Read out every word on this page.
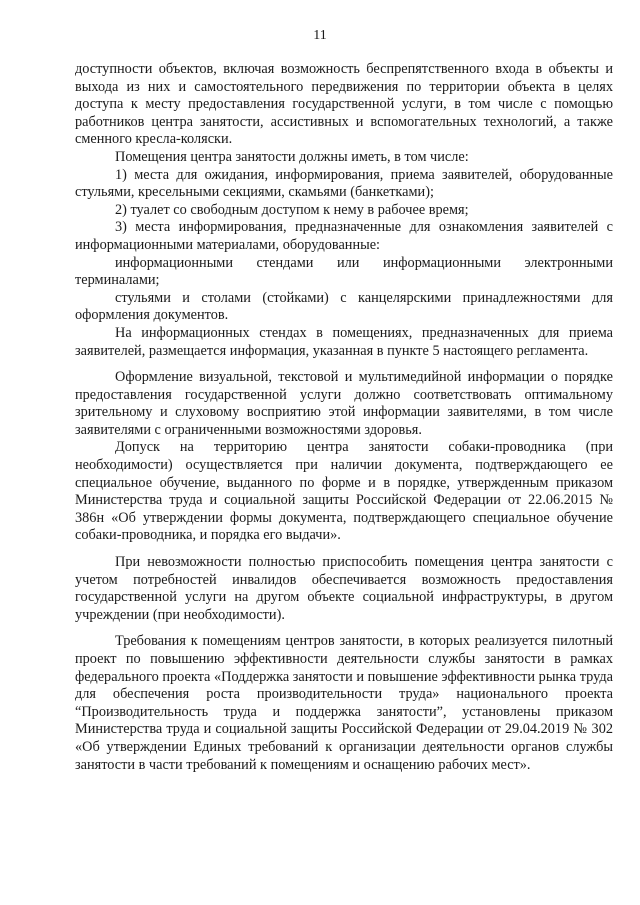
11

доступности объектов, включая возможность беспрепятственного входа в объекты и выхода из них и самостоятельного передвижения по территории объекта в целях доступа к месту предоставления государственной услуги, в том числе с помощью работников центра занятости, ассистивных и вспомогательных технологий, а также сменного кресла-коляски.

Помещения центра занятости должны иметь, в том числе:

1) места для ожидания, информирования, приема заявителей, оборудованные стульями, кресельными секциями, скамьями (банкетками);

2) туалет со свободным доступом к нему в рабочее время;

3) места информирования, предназначенные для ознакомления заявителей с информационными материалами, оборудованные:

информационными стендами или информационными электронными терминалами;

стульями и столами (стойками) с канцелярскими принадлежностями для оформления документов.

На информационных стендах в помещениях, предназначенных для приема заявителей, размещается информация, указанная в пункте 5 настоящего регламента.

Оформление визуальной, текстовой и мультимедийной информации о порядке предоставления государственной услуги должно соответствовать оптимальному зрительному и слуховому восприятию этой информации заявителями, в том числе заявителями с ограниченными возможностями здоровья.

Допуск на территорию центра занятости собаки-проводника (при необходимости) осуществляется при наличии документа, подтверждающего ее специальное обучение, выданного по форме и в порядке, утвержденным приказом Министерства труда и социальной защиты Российской Федерации от 22.06.2015 № 386н «Об утверждении формы документа, подтверждающего специальное обучение собаки-проводника, и порядка его выдачи».

При невозможности полностью приспособить помещения центра занятости с учетом потребностей инвалидов обеспечивается возможность предоставления государственной услуги на другом объекте социальной инфраструктуры, в другом учреждении (при необходимости).

Требования к помещениям центров занятости, в которых реализуется пилотный проект по повышению эффективности деятельности службы занятости в рамках федерального проекта «Поддержка занятости и повышение эффективности рынка труда для обеспечения роста производительности труда» национального проекта “Производительность труда и поддержка занятости”, установлены приказом Министерства труда и социальной защиты Российской Федерации от 29.04.2019 № 302 «Об утверждении Единых требований к организации деятельности органов службы занятости в части требований к помещениям и оснащению рабочих мест».
